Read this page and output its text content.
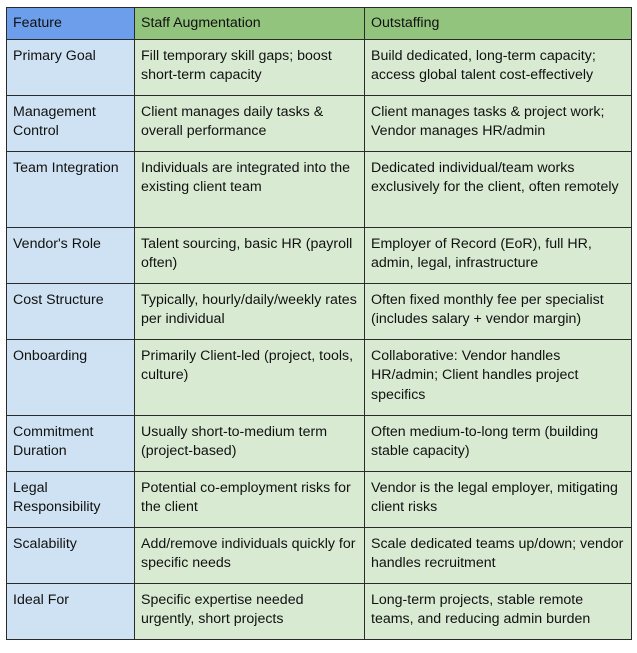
Feature	Staff Augmentation	Outstaffing
Primary Goal	Fill temporary skill gaps; boost short-term capacity	Build dedicated, long-term capacity; access global talent cost-effectively
Management Control	Client manages daily tasks & overall performance	Client manages tasks & project work; Vendor manages HR/admin
Team Integration	Individuals are integrated into the existing client team	Dedicated individual/team works exclusively for the client, often remotely
Vendor's Role	Talent sourcing, basic HR (payroll often)	Employer of Record (EoR), full HR, admin, legal, infrastructure
Cost Structure	Typically, hourly/daily/weekly rates per individual	Often fixed monthly fee per specialist (includes salary + vendor margin)
Onboarding	Primarily Client-led (project, tools, culture)	Collaborative: Vendor handles HR/admin; Client handles project specifics
Commitment Duration	Usually short-to-medium term (project-based)	Often medium-to-long term (building stable capacity)
Legal Responsibility	Potential co-employment risks for the client	Vendor is the legal employer, mitigating client risks
Scalability	Add/remove individuals quickly for specific needs	Scale dedicated teams up/down; vendor handles recruitment
Ideal For	Specific expertise needed urgently, short projects	Long-term projects, stable remote teams, and reducing admin burden
